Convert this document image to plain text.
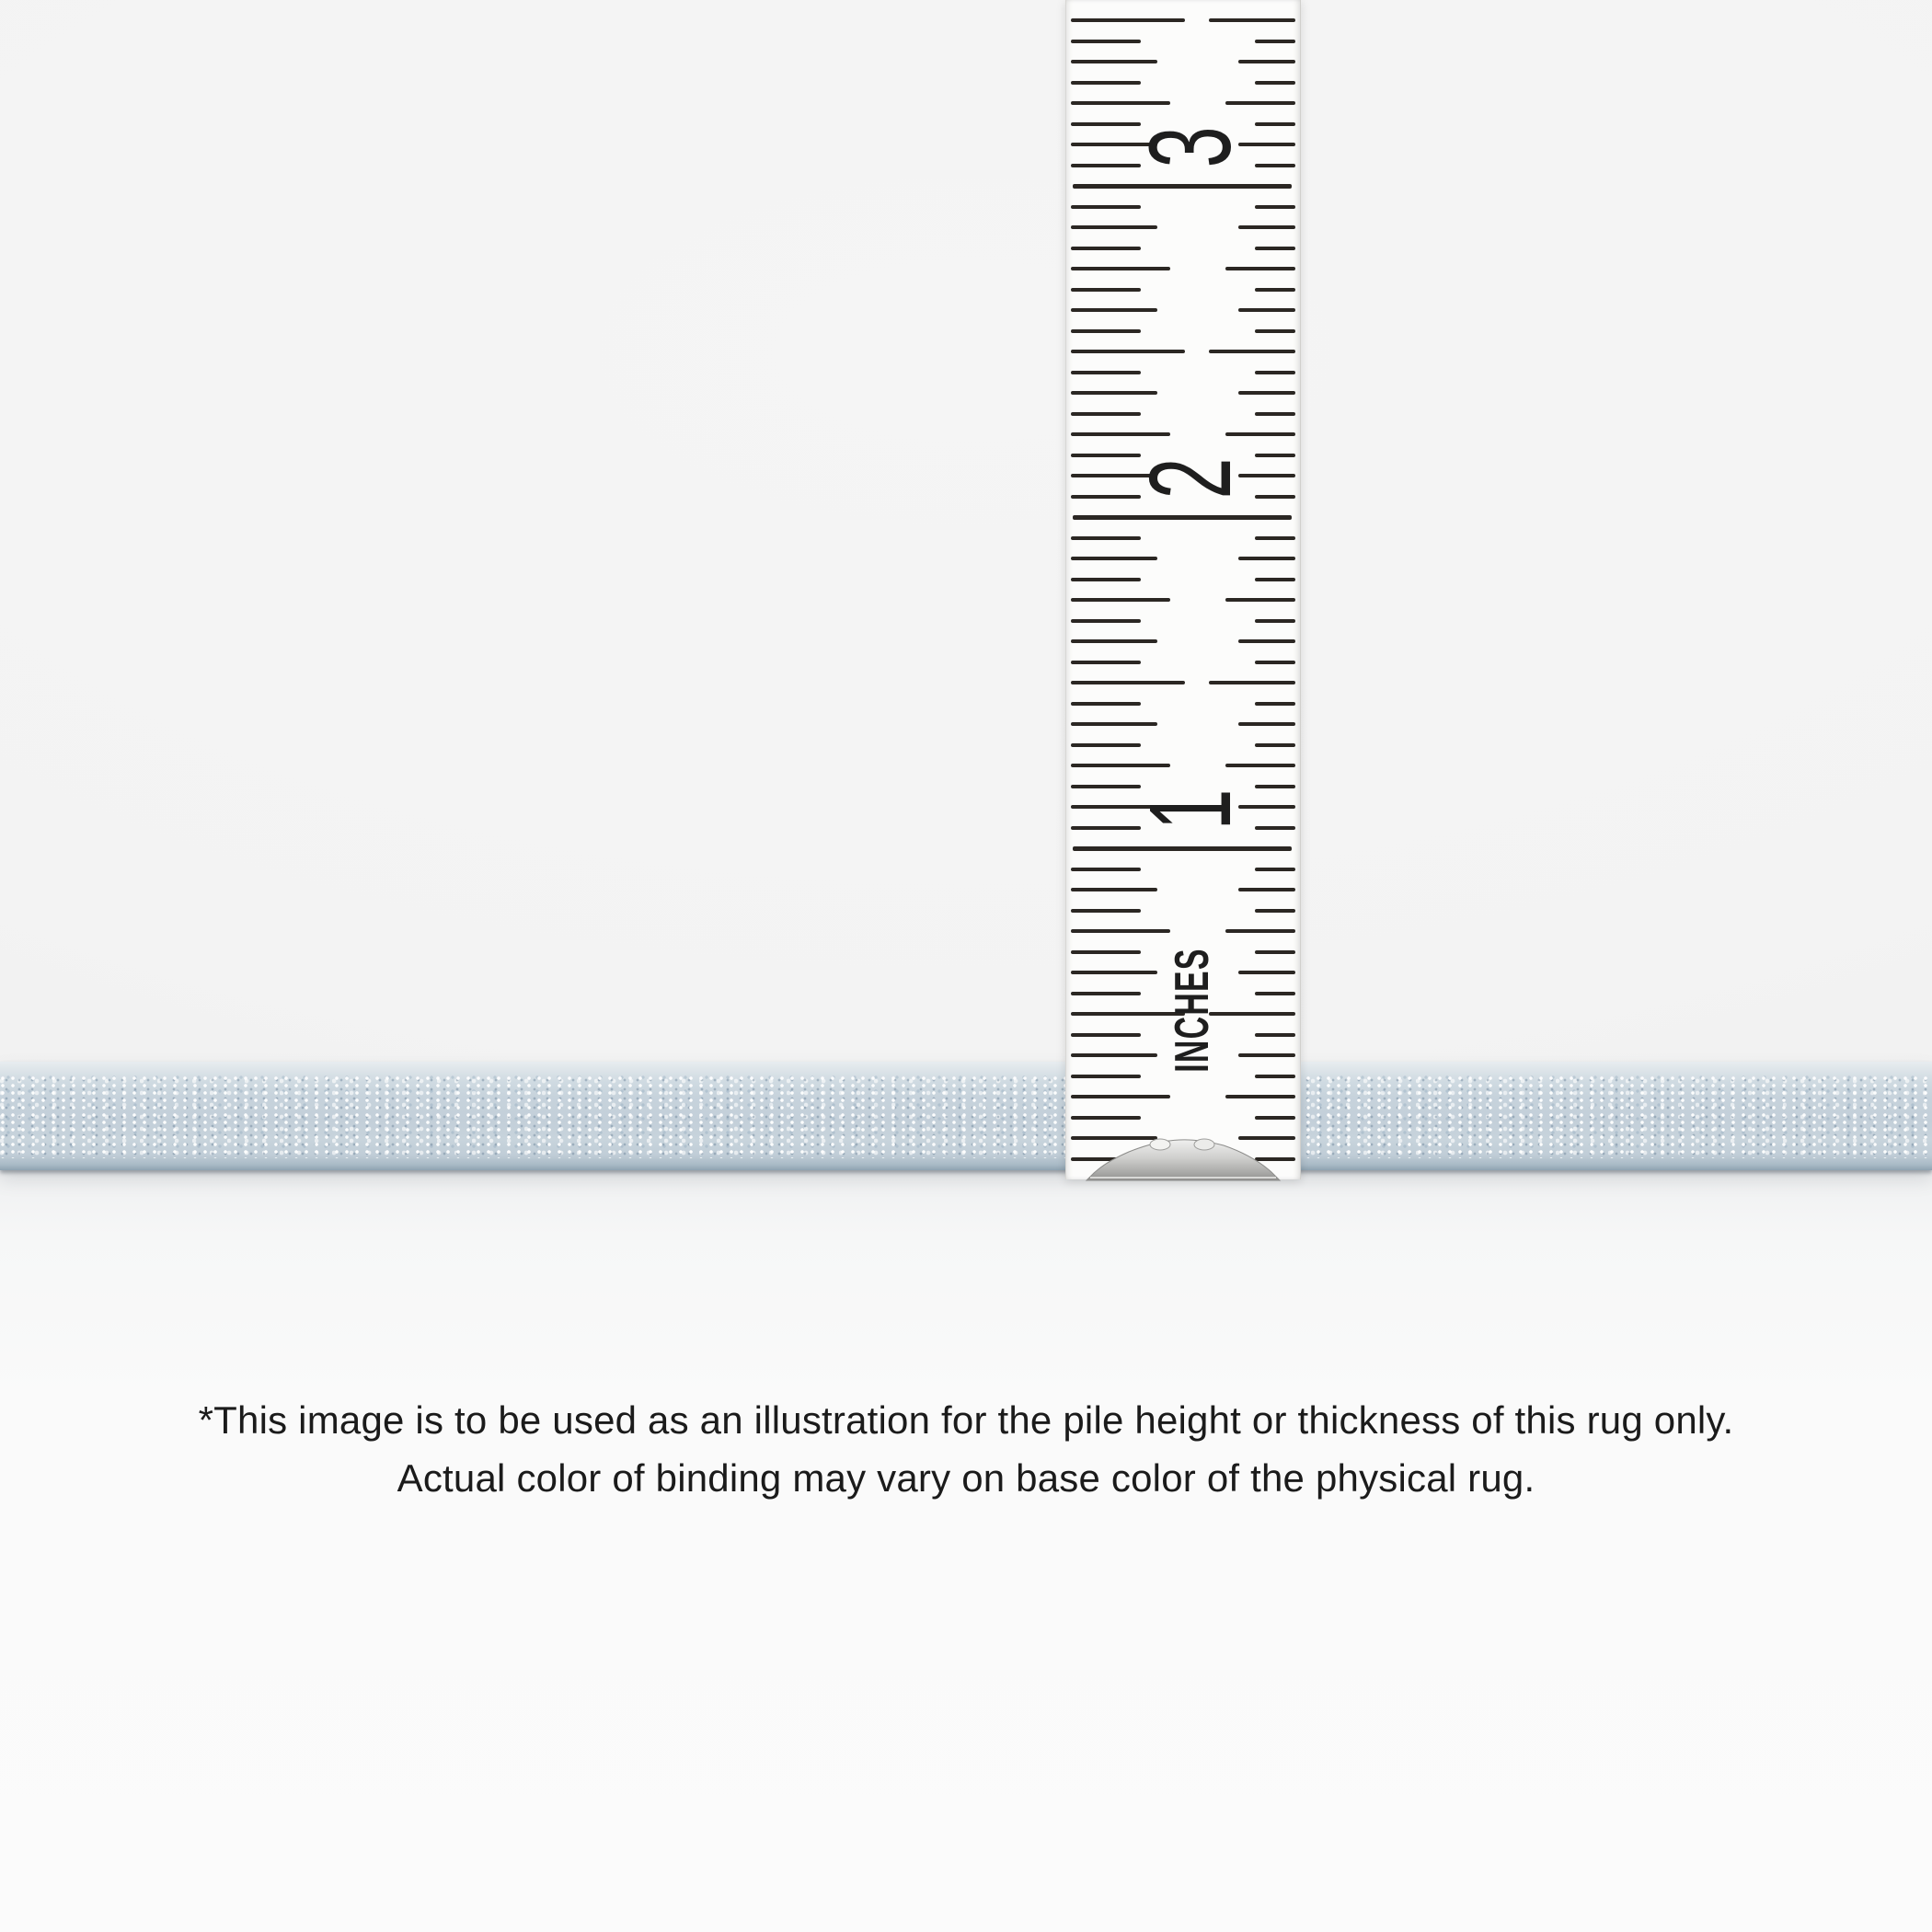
INCHES
1
2
3
*This image is to be used as an illustration for the pile height or thickness of this rug only.
Actual color of binding may vary on base color of the physical rug.
